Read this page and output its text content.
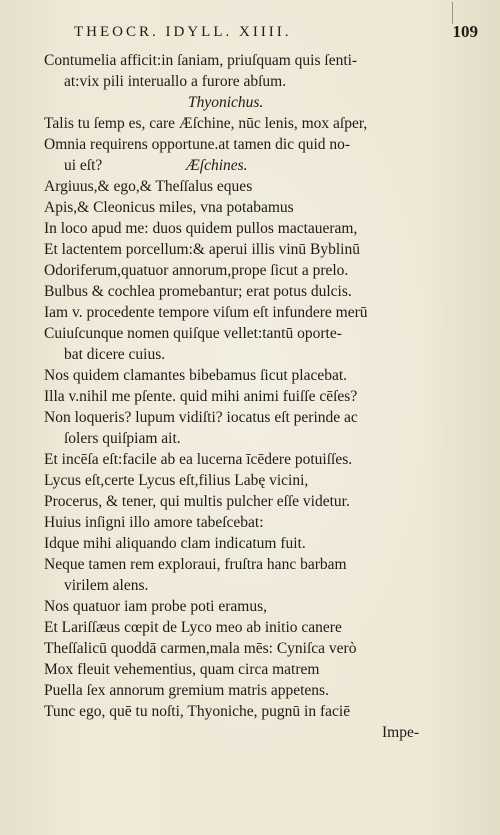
THEOCR. IDYLL. XIIII.	109
Contumelia afficit:in ſaniam, priuſquam quis ſenti-
at:vix pili interuallo a furore abſum.
Thyonichus.
Talis tu ſemp es, care Æſchine, nūc lenis, mox aſper,
Omnia requirens opportune.at tamen dic quid no-
ui eſt?	Æſchines.
Argiuus,& ego,& Theſſalus eques
Apis,& Cleonicus miles, vna potabamus
In loco apud me: duos quidem pullos mactaueram,
Et lactentem porcellum:& aperui illis vinū Byblinū
Odoriferum,quatuor annorum,prope ſicut a prelo.
Bulbus & cochlea promebantur; erat potus dulcis.
Iam v. procedente tempore viſum eſt infundere merū
Cuiuſcunque nomen quiſque vellet:tantū oporte-
bat dicere cuius.
Nos quidem clamantes bibebamus ſicut placebat.
Illa v.nihil me pſente. quid mihi animi fuiſſe cēſes?
Non loqueris? lupum vidiſti? iocatus eſt perinde ac
ſolers quiſpiam ait.
Et incēſa eſt:facile ab ea lucerna īcēdere potuiſſes.
Lycus eſt,certe Lycus eſt,filius Labę vicini,
Procerus, & tener, qui multis pulcher eſſe videtur.
Huius inſigni illo amore tabeſcebat:
Idque mihi aliquando clam indicatum fuit.
Neque tamen rem exploraui, fruſtra hanc barbam
virilem alens.
Nos quatuor iam probe poti eramus,
Et Lariſſæus cœpit de Lyco meo ab initio canere
Theſſalicū quoddā carmen,mala mēs: Cyniſca verò
Mox fleuit vehementius, quam circa matrem
Puella ſex annorum gremium matris appetens.
Tunc ego, quē tu noſti, Thyoniche, pugnū in faciē
Impe-
